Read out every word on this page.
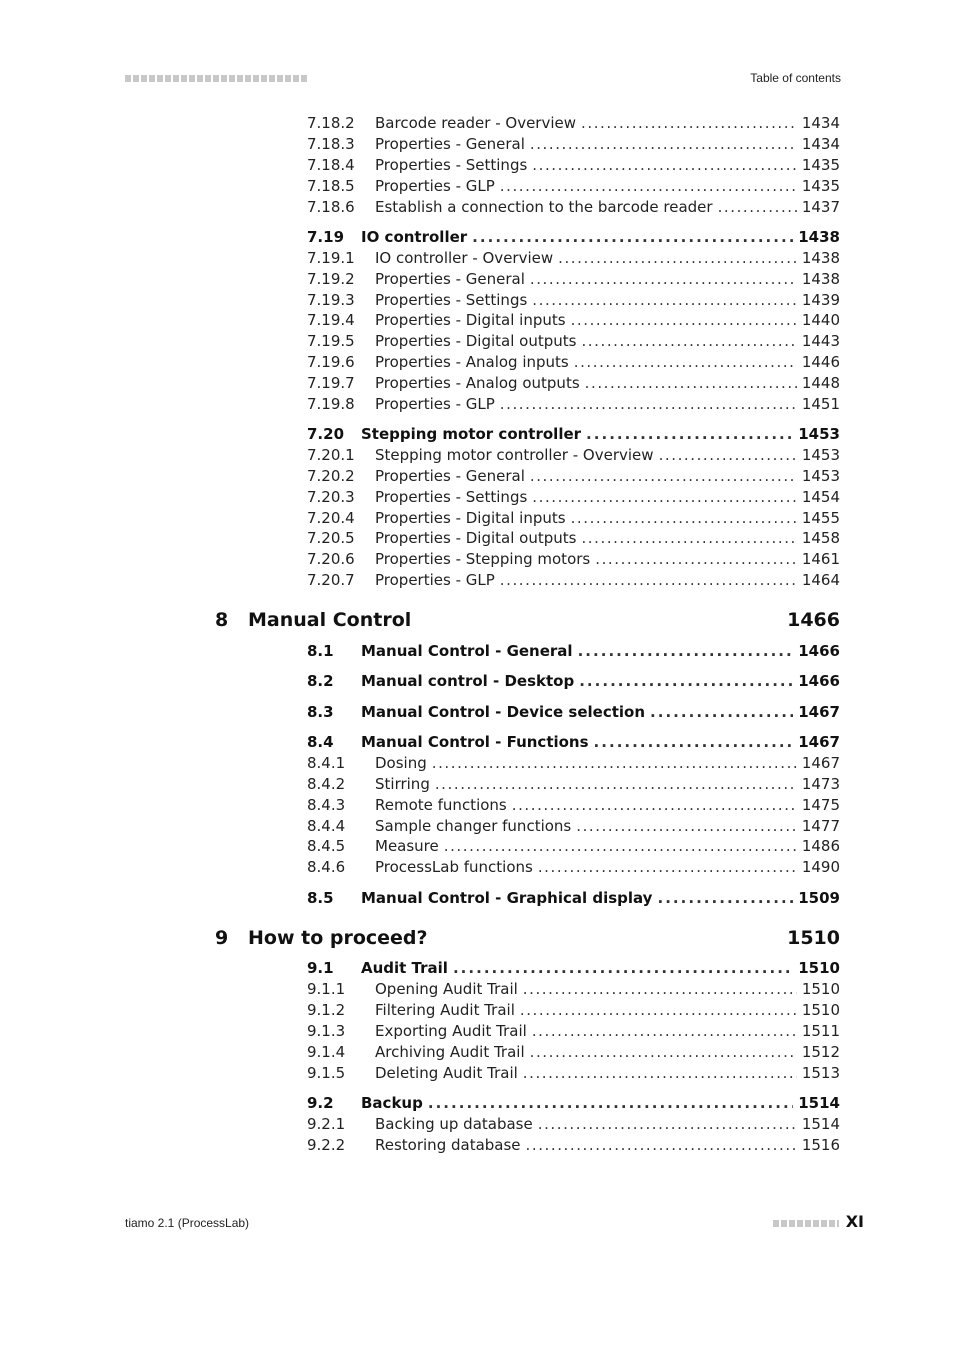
Table of contents
7.18.2 Barcode reader - Overview . . .	1434
7.18.3 Properties - General . . .	1434
7.18.4 Properties - Settings . . .	1435
7.18.5 Properties - GLP . . .	1435
7.18.6 Establish a connection to the barcode reader . . .	1437
7.19 IO controller . . .	1438
7.19.1 IO controller - Overview . . .	1438
7.19.2 Properties - General . . .	1438
7.19.3 Properties - Settings . . .	1439
7.19.4 Properties - Digital inputs . . .	1440
7.19.5 Properties - Digital outputs . . .	1443
7.19.6 Properties - Analog inputs . . .	1446
7.19.7 Properties - Analog outputs . . .	1448
7.19.8 Properties - GLP . . .	1451
7.20 Stepping motor controller . . .	1453
7.20.1 Stepping motor controller - Overview . . .	1453
7.20.2 Properties - General . . .	1453
7.20.3 Properties - Settings . . .	1454
7.20.4 Properties - Digital inputs . . .	1455
7.20.5 Properties - Digital outputs . . .	1458
7.20.6 Properties - Stepping motors . . .	1461
7.20.7 Properties - GLP . . .	1464
8 Manual Control	1466
8.1 Manual Control - General . . .	1466
8.2 Manual control - Desktop . . .	1466
8.3 Manual Control - Device selection . . .	1467
8.4 Manual Control - Functions . . .	1467
8.4.1 Dosing . . .	1467
8.4.2 Stirring . . .	1473
8.4.3 Remote functions . . .	1475
8.4.4 Sample changer functions . . .	1477
8.4.5 Measure . . .	1486
8.4.6 ProcessLab functions . . .	1490
8.5 Manual Control - Graphical display . . .	1509
9 How to proceed?	1510
9.1 Audit Trail . . .	1510
9.1.1 Opening Audit Trail . . .	1510
9.1.2 Filtering Audit Trail . . .	1510
9.1.3 Exporting Audit Trail . . .	1511
9.1.4 Archiving Audit Trail . . .	1512
9.1.5 Deleting Audit Trail . . .	1513
9.2 Backup . . .	1514
9.2.1 Backing up database . . .	1514
9.2.2 Restoring database . . .	1516
tiamo 2.1 (ProcessLab)	XI
